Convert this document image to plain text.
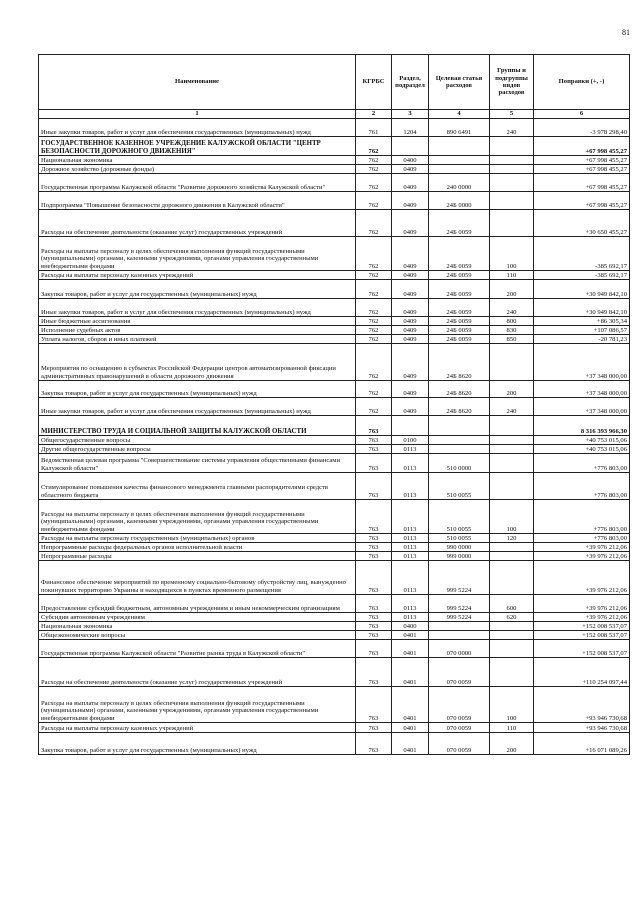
81
Наименование	КГРБС	Раздел, подраздел	Целевая статья расходов	Группы и подгруппы видов расходов	Поправки (+, -)
1	2	3	4	5	6
Иные закупки товаров, работ и услуг для обеспечения государственных (муниципальных) нужд	761	1204	890 6491	240	-3 978 298,40
ГОСУДАРСТВЕННОЕ КАЗЕННОЕ УЧРЕЖДЕНИЕ КАЛУЖСКОЙ ОБЛАСТИ "ЦЕНТР БЕЗОПАСНОСТИ ДОРОЖНОГО ДВИЖЕНИЯ"	762				+67 998 455,27
Национальная экономика	762	0400			+67 998 455,27
Дорожное хозяйство (дорожные фонды)	762	0409			+67 998 455,27
Государственная программа Калужской области "Развитие дорожного хозяйства Калужской области"	762	0409	240 0000		+67 998 455,27
Подпрограмма "Повышение безопасности дорожного движения в Калужской области"	762	0409	24Б 0000		+67 998 455,27
Расходы на обеспечение деятельности (оказание услуг) государственных учреждений	762	0409	24Б 0059		+30 650 455,27
Расходы на выплаты персоналу в целях обеспечения выполнения функций государственными (муниципальными) органами, казенными учреждениями, органами управления государственными внебюджетными фондами	762	0409	24Б 0059	100	-385 692,17
Расходы на выплаты персоналу казенных учреждений	762	0409	24Б 0059	110	-385 692,17
Закупка товаров, работ и услуг для государственных (муниципальных) нужд	762	0409	24Б 0059	200	+30 949 842,10
Иные закупки товаров, работ и услуг для обеспечения государственных (муниципальных) нужд	762	0409	24Б 0059	240	+30 949 842,10
Иные бюджетные ассигнования	762	0409	24Б 0059	800	+86 305,34
Исполнение судебных актов	762	0409	24Б 0059	830	+107 086,57
Уплата налогов, сборов и иных платежей	762	0409	24Б 0059	850	-20 781,23
Мероприятия по оснащению в субъектах Российской Федерации центров автоматизированной фиксации административных правонарушений в области дорожного движения	762	0409	24Б 8620		+37 348 000,00
Закупка товаров, работ и услуг для государственных (муниципальных) нужд	762	0409	24Б 8620	200	+37 348 000,00
Иные закупки товаров, работ и услуг для обеспечения государственных (муниципальных) нужд	762	0409	24Б 8620	240	+37 348 000,00
МИНИСТЕРСТВО ТРУДА И СОЦИАЛЬНОЙ ЗАЩИТЫ КАЛУЖСКОЙ ОБЛАСТИ	763				8 316 393 966,30
Общегосударственные вопросы	763	0100			+40 753 015,06
Другие общегосударственные вопросы	763	0113			+40 753 015,06
Ведомственная целевая программа "Совершенствование системы управления общественными финансами Калужской области"	763	0113	510 0000		+776 803,00
Стимулирование повышения качества финансового менеджмента главными распорядителями средств областного бюджета	763	0113	510 0055		+776 803,00
Расходы на выплаты персоналу в целях обеспечения выполнения функций государственными (муниципальными) органами, казенными учреждениями, органами управления государственными внебюджетными фондами	763	0113	510 0055	100	+776 803,00
Расходы на выплаты персоналу государственных (муниципальных) органов	763	0113	510 0055	120	+776 803,00
Непрограммные расходы федеральных органов исполнительной власти	763	0113	990 0000		+39 976 212,06
Непрограммные расходы	763	0113	999 0000		+39 976 212,06
Финансовое обеспечение мероприятий по временному социально-бытовому обустройству лиц, вынужденно покинувших территорию Украины и находящихся в пунктах временного размещения	763	0113	999 5224		+39 976 212,06
Предоставление субсидий бюджетным, автономным учреждениям и иным некоммерческим организациям	763	0113	999 5224	600	+39 976 212,06
Субсидии автономным учреждениям	763	0113	999 5224	620	+39 976 212,06
Национальная экономика	763	0400			+152 008 537,07
Общеэкономические вопросы	763	0401			+152 008 537,07
Государственная программа Калужской области "Развитие рынка труда в Калужской области"	763	0401	070 0000		+152 008 537,07
Расходы на обеспечение деятельности (оказание услуг) государственных учреждений	763	0401	070 0059		+110 254 097,44
Расходы на выплаты персоналу в целях обеспечения выполнения функций государственными (муниципальными) органами, казенными учреждениями, органами управления государственными внебюджетными фондами	763	0401	070 0059	100	+93 946 730,68
Расходы на выплаты персоналу казенных учреждений	763	0401	070 0059	110	+93 946 730,68
Закупка товаров, работ и услуг для государственных (муниципальных) нужд	763	0401	070 0059	200	+16 071 089,26
